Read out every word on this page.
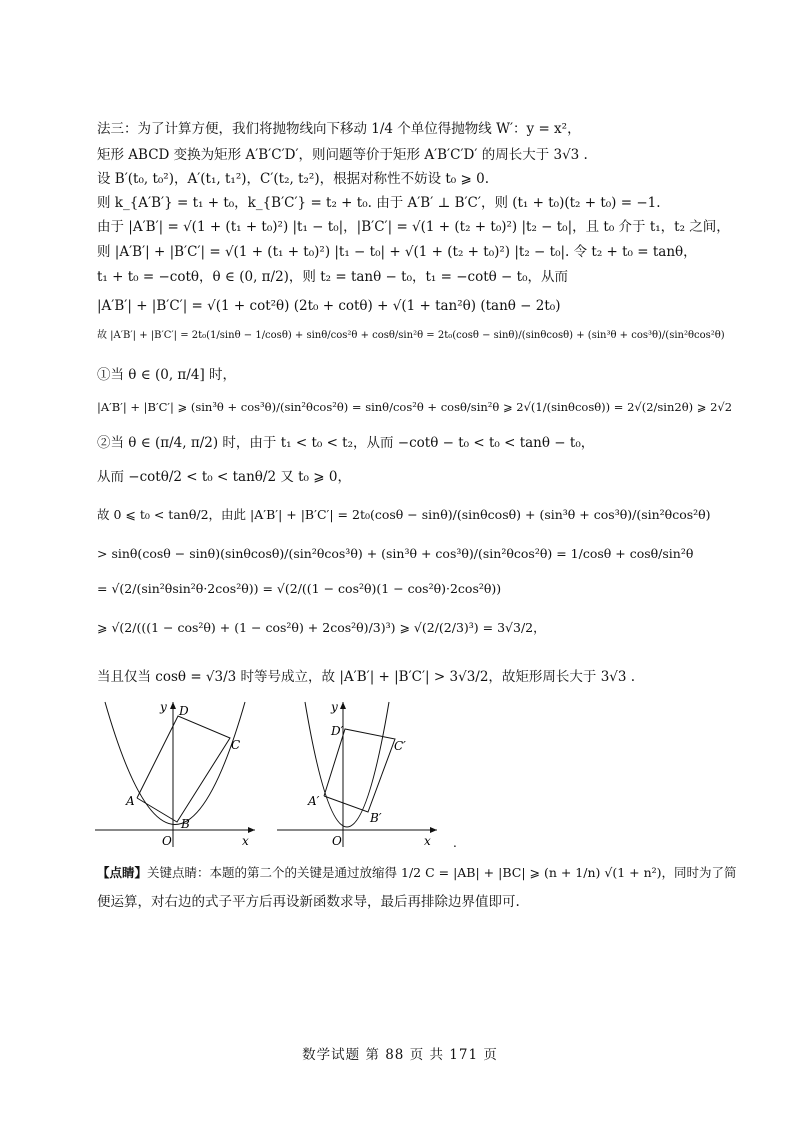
法三：为了计算方便，我们将抛物线向下移动 1/4 个单位得抛物线 W′：y = x²，
矩形 ABCD 变换为矩形 A′B′C′D′，则问题等价于矩形 A′B′C′D′ 的周长大于 3√3 .
设 B′(t₀, t₀²)，A′(t₁, t₁²)，C′(t₂, t₂²)，根据对称性不妨设 t₀ ⩾ 0.
则 k_{A′B′} = t₁ + t₀，k_{B′C′} = t₂ + t₀. 由于 A′B′ ⊥ B′C′，则 (t₁ + t₀)(t₂ + t₀) = −1.
由于 |A′B′| = √(1 + (t₁ + t₀)²) |t₁ − t₀|，|B′C′| = √(1 + (t₂ + t₀)²) |t₂ − t₀|，且 t₀ 介于 t₁，t₂ 之间，
则 |A′B′| + |B′C′| = √(1 + (t₁ + t₀)²) |t₁ − t₀| + √(1 + (t₂ + t₀)²) |t₂ − t₀|. 令 t₂ + t₀ = tanθ，
t₁ + t₀ = −cotθ，θ ∈ (0, π/2)，则 t₂ = tanθ − t₀，t₁ = −cotθ − t₀，从而
|A′B′| + |B′C′| = √(1 + cot²θ) (2t₀ + cotθ) + √(1 + tan²θ) (tanθ − 2t₀)
故 |A′B′| + |B′C′| = 2t₀(1/sinθ − 1/cosθ) + sinθ/cos²θ + cosθ/sin²θ = 2t₀(cosθ − sinθ)/(sinθcosθ) + (sin³θ + cos³θ)/(sin²θcos²θ)
①当 θ ∈ (0, π/4] 时，
|A′B′| + |B′C′| ⩾ (sin³θ + cos³θ)/(sin²θcos²θ) = sinθ/cos²θ + cosθ/sin²θ ⩾ 2√(1/(sinθcosθ)) = 2√(2/sin2θ) ⩾ 2√2
②当 θ ∈ (π/4, π/2) 时，由于 t₁ < t₀ < t₂，从而 −cotθ − t₀ < t₀ < tanθ − t₀，
从而 −cotθ/2 < t₀ < tanθ/2 又 t₀ ⩾ 0，
故 0 ⩽ t₀ < tanθ/2，由此 |A′B′| + |B′C′| = 2t₀(cosθ − sinθ)/(sinθcosθ) + (sin³θ + cos³θ)/(sin²θcos²θ)
> sinθ(cosθ − sinθ)(sinθcosθ)/(sin²θcos³θ) + (sin³θ + cos³θ)/(sin²θcos²θ) = 1/cosθ + cosθ/sin²θ
= √(2/(sin²θsin²θ·2cos²θ)) = √(2/((1 − cos²θ)(1 − cos²θ)·2cos²θ))
⩾ √(2/(((1 − cos²θ) + (1 − cos²θ) + 2cos²θ)/3)³) ⩾ √(2/(2/3)³) = 3√3/2，
当且仅当 cosθ = √3/3 时等号成立，故 |A′B′| + |B′C′| > 3√3/2，故矩形周长大于 3√3 .
y D
C
A
O
B
x
y
D′
C′
A′
O
B′
x .
【点睛】关键点睛：本题的第二个的关键是通过放缩得 1/2 C = |AB| + |BC| ⩾ (n + 1/n) √(1 + n²)，同时为了简
便运算，对右边的式子平方后再设新函数求导，最后再排除边界值即可.
数学试题 第 88 页 共 171 页
